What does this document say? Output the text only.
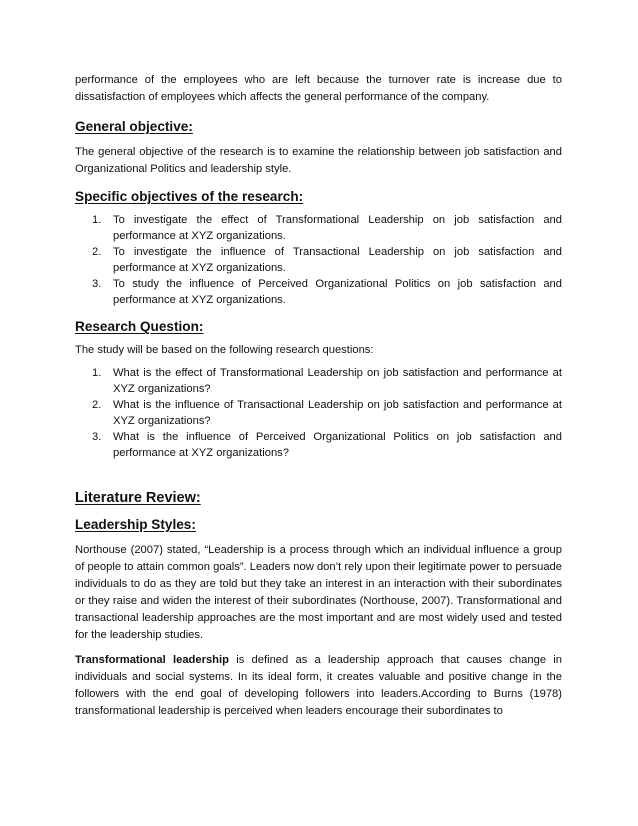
performance of the employees who are left because the turnover rate is increase due to dissatisfaction of employees which affects the general performance of the company.

General objective:

The general objective of the research is to examine the relationship between job satisfaction and Organizational Politics and leadership style.

Specific objectives of the research:
1. To investigate the effect of Transformational Leadership on job satisfaction and performance at XYZ organizations.
2. To investigate the influence of Transactional Leadership on job satisfaction and performance at XYZ organizations.
3. To study the influence of Perceived Organizational Politics on job satisfaction and performance at XYZ organizations.
Research Question:

The study will be based on the following research questions:

1. What is the effect of Transformational Leadership on job satisfaction and performance at XYZ organizations?
2. What is the influence of Transactional Leadership on job satisfaction and performance at XYZ organizations?
3. What is the influence of Perceived Organizational Politics on job satisfaction and performance at XYZ organizations?
Literature Review:
Leadership Styles:

Northouse (2007) stated, “Leadership is a process through which an individual influence a group of people to attain common goals”. Leaders now don’t rely upon their legitimate power to persuade individuals to do as they are told but they take an interest in an interaction with their subordinates or they raise and widen the interest of their subordinates (Northouse, 2007). Transformational and transactional leadership approaches are the most important and are most widely used and tested for the leadership studies.

Transformational leadership is defined as a leadership approach that causes change in individuals and social systems. In its ideal form, it creates valuable and positive change in the followers with the end goal of developing followers into leaders.According to Burns (1978) transformational leadership is perceived when leaders encourage their subordinates to
